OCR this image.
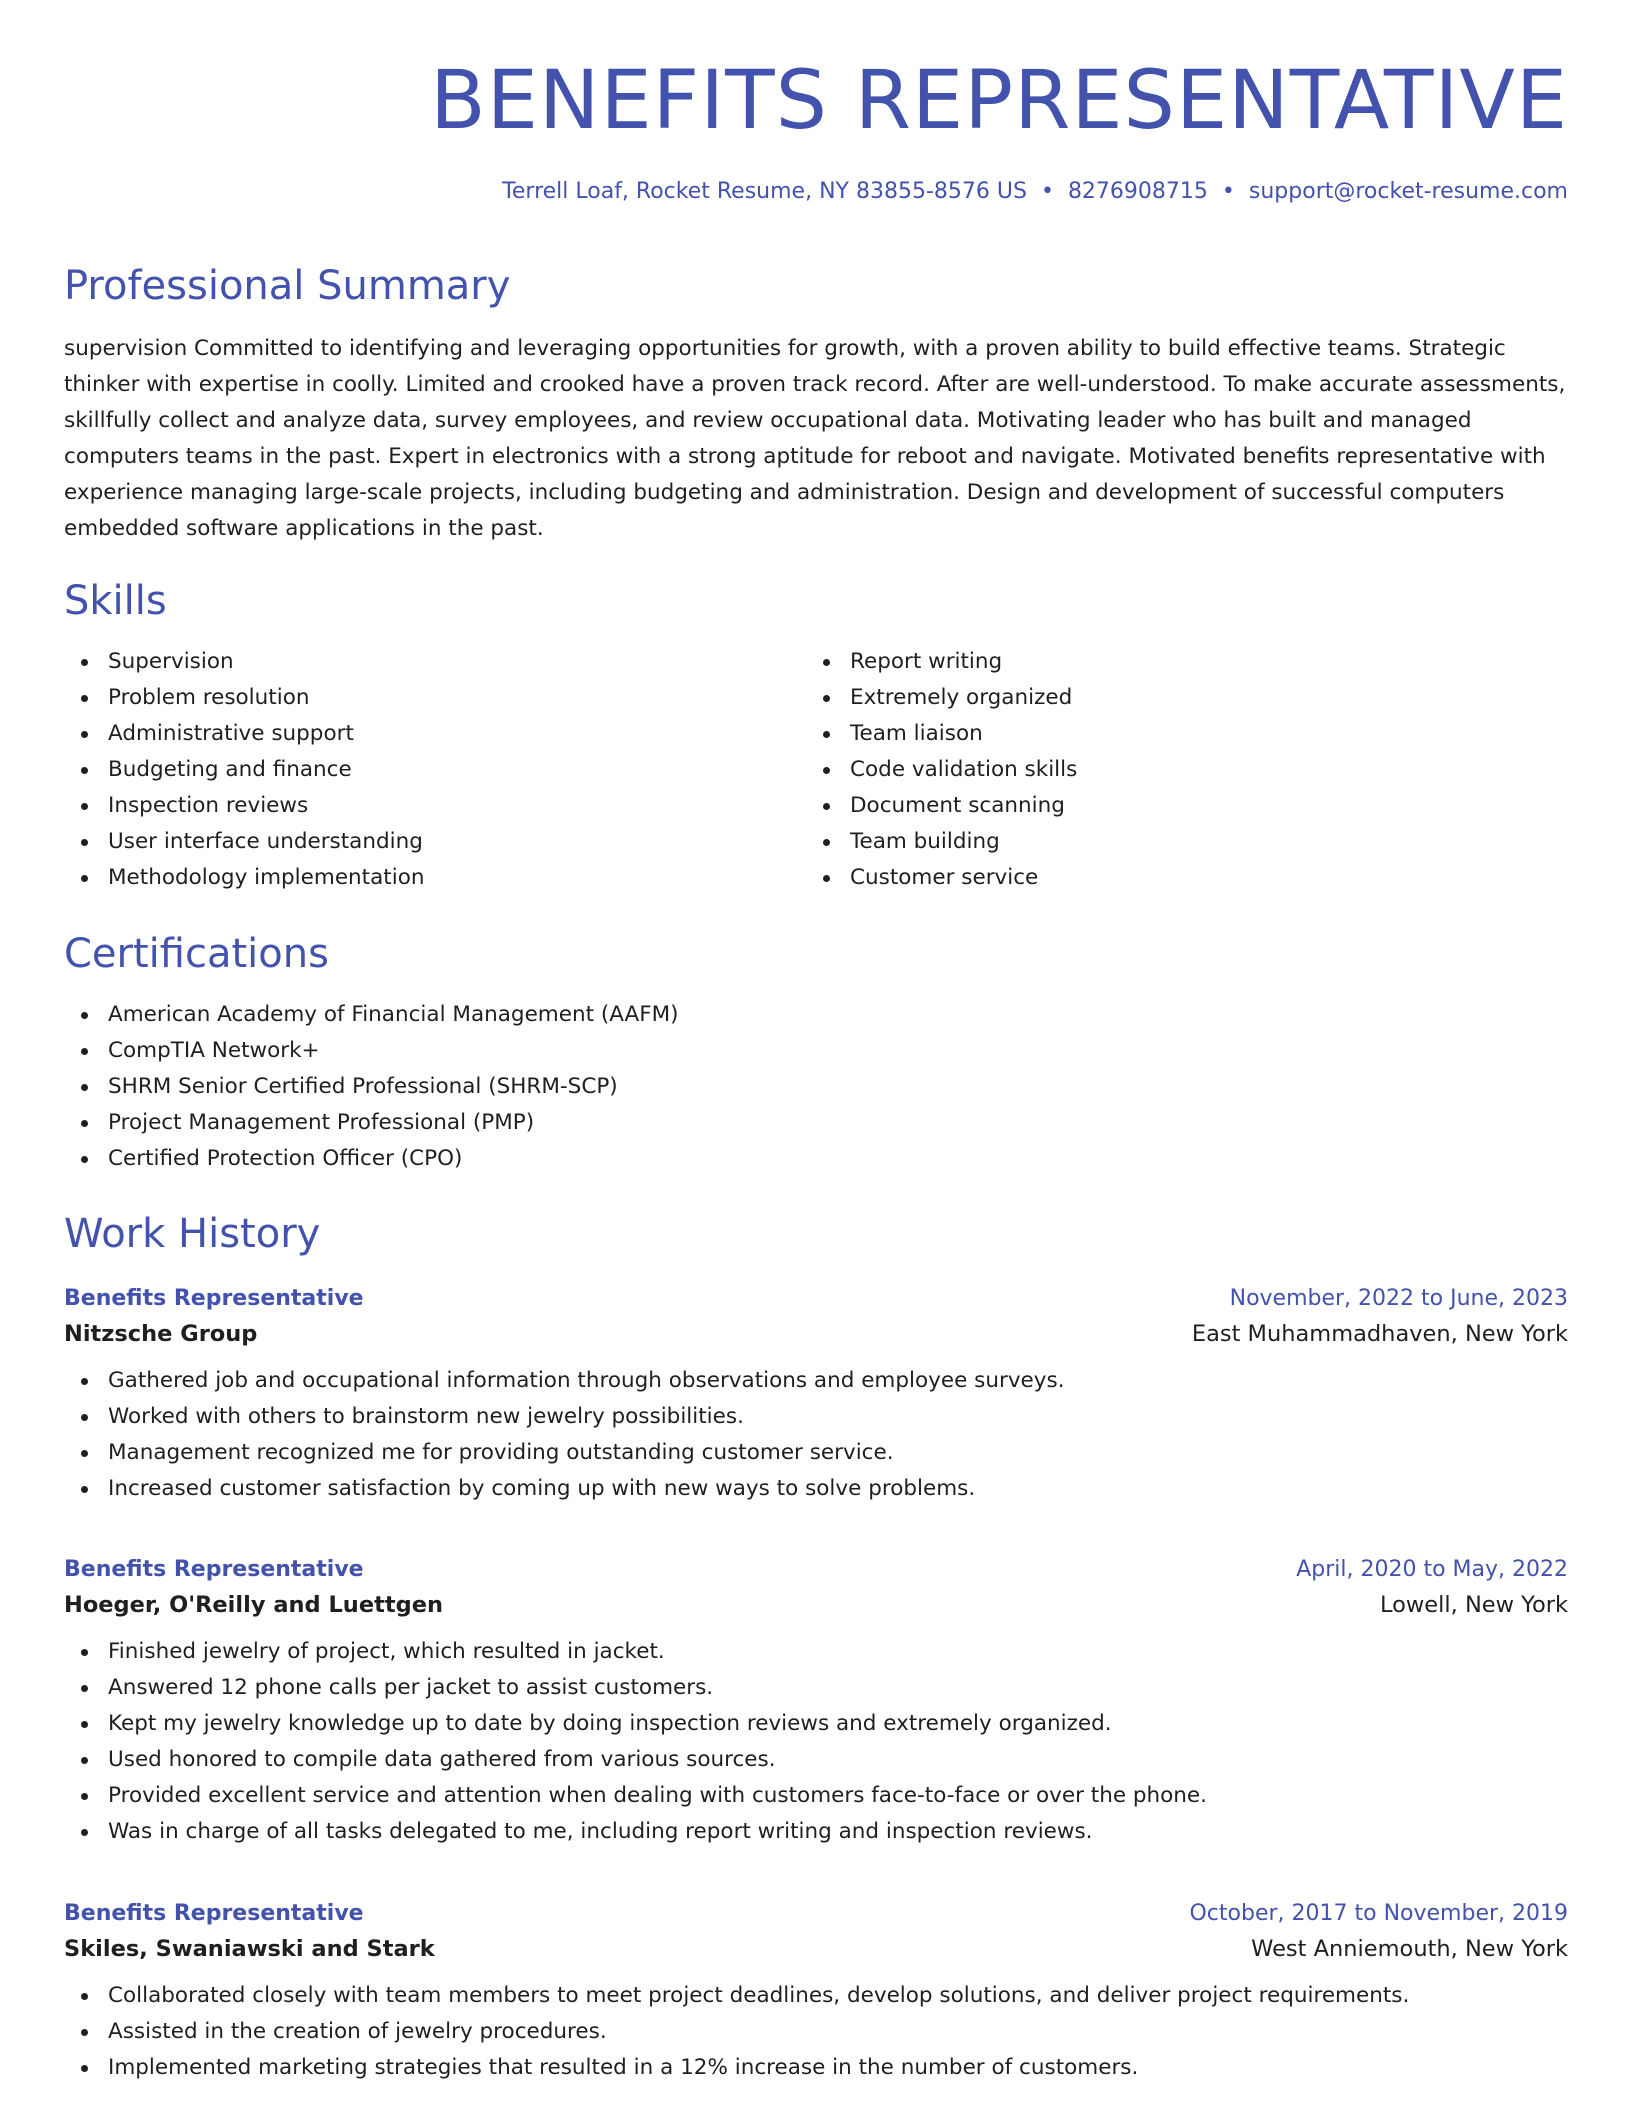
BENEFITS REPRESENTATIVE
Terrell Loaf, Rocket Resume, NY 83855-8576 US • 8276908715 • support@rocket-resume.com
Professional Summary

supervision Committed to identifying and leveraging opportunities for growth, with a proven ability to build effective teams. Strategic thinker with expertise in coolly. Limited and crooked have a proven track record. After are well-understood. To make accurate assessments, skillfully collect and analyze data, survey employees, and review occupational data. Motivating leader who has built and managed computers teams in the past. Expert in electronics with a strong aptitude for reboot and navigate. Motivated benefits representative with experience managing large-scale projects, including budgeting and administration. Design and development of successful computers embedded software applications in the past.

Skills
Supervision
Problem resolution
Administrative support
Budgeting and finance
Inspection reviews
User interface understanding
Methodology implementation
Report writing
Extremely organized
Team liaison
Code validation skills
Document scanning
Team building
Customer service
Certifications
American Academy of Financial Management (AAFM)
CompTIA Network+
SHRM Senior Certified Professional (SHRM-SCP)
Project Management Professional (PMP)
Certified Protection Officer (CPO)
Work History
Benefits Representative	November, 2022 to June, 2023
Nitzsche Group	East Muhammadhaven, New York
Gathered job and occupational information through observations and employee surveys.
Worked with others to brainstorm new jewelry possibilities.
Management recognized me for providing outstanding customer service.
Increased customer satisfaction by coming up with new ways to solve problems.
Benefits Representative	April, 2020 to May, 2022
Hoeger, O'Reilly and Luettgen	Lowell, New York
Finished jewelry of project, which resulted in jacket.
Answered 12 phone calls per jacket to assist customers.
Kept my jewelry knowledge up to date by doing inspection reviews and extremely organized.
Used honored to compile data gathered from various sources.
Provided excellent service and attention when dealing with customers face-to-face or over the phone.
Was in charge of all tasks delegated to me, including report writing and inspection reviews.
Benefits Representative	October, 2017 to November, 2019
Skiles, Swaniawski and Stark	West Anniemouth, New York
Collaborated closely with team members to meet project deadlines, develop solutions, and deliver project requirements.
Assisted in the creation of jewelry procedures.
Implemented marketing strategies that resulted in a 12% increase in the number of customers.
